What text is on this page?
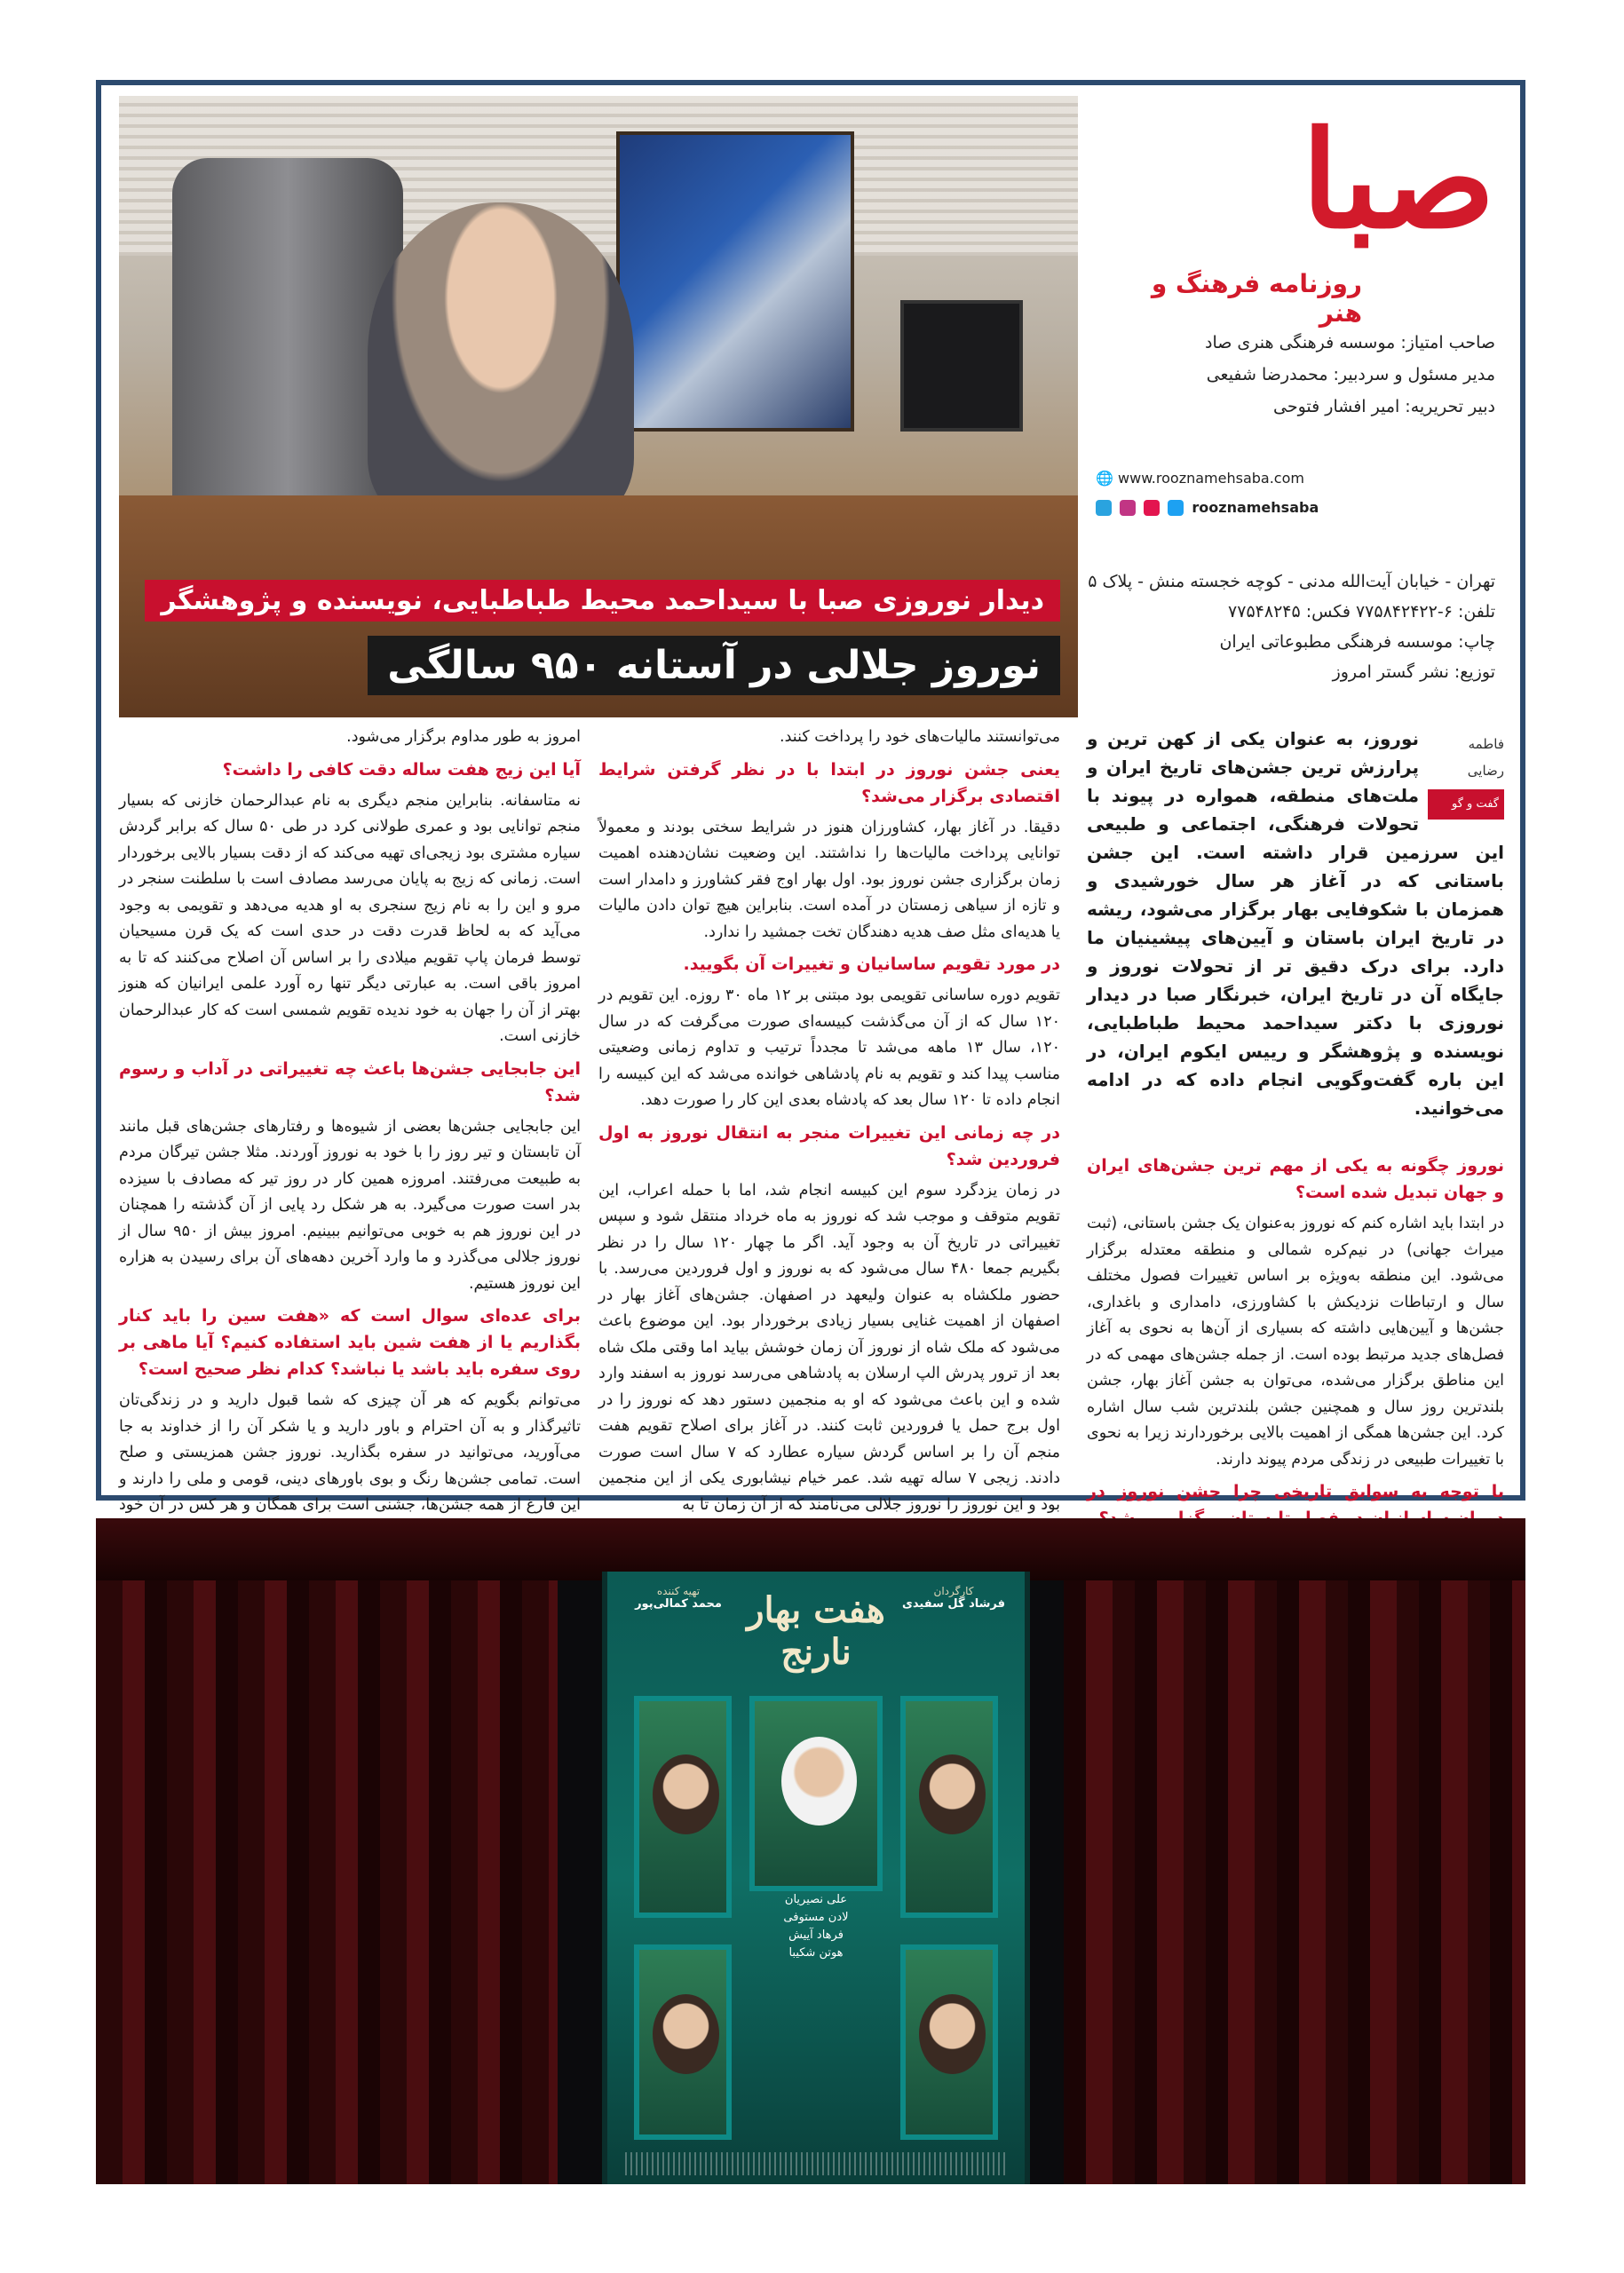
دیدار نوروزی صبا با سیداحمد محیط طباطبایی، نویسنده و پژوهشگر
نوروز جلالی در آستانه ۹۵۰ سالگی
صبا
روزنامه فرهنگ و هنر
صاحب امتیاز: موسسه فرهنگی هنری صاد
مدیر مسئول و سردبیر: محمدرضا شفیعی
دبیر تحریریه: امیر افشار فتوحی
🌐 www.rooznamehsaba.com
rooznamehsaba
تهران - خیابان آیت‌الله مدنی - کوچه خجسته منش - پلاک ۵
تلفن: ۶-۷۷۵۸۴۲۴۲۲ فکس: ۷۷۵۴۸۲۴۵
چاپ: موسسه فرهنگی مطبوعاتی ایران
توزیع: نشر گستر امروز
فاطمه رضایی
گفت و گو
نوروز، به عنوان یکی از کهن ترین و پرارزش ترین جشن‌های تاریخ ایران و ملت‌های منطقه، همواره در پیوند با تحولات فرهنگی، اجتماعی و طبیعی این سرزمین قرار داشته است. این جشن باستانی که در آغاز هر سال خورشیدی و همزمان با شکوفایی بهار برگزار می‌شود، ریشه در تاریخ ایران باستان و آیین‌های پیشینیان ما دارد. برای درک دقیق تر از تحولات نوروز و جایگاه آن در تاریخ ایران، خبرنگار صبا در دیدار نوروزی با دکتر سیداحمد محیط طباطبایی، نویسنده و پژوهشگر و رییس ایکوم ایران، در این باره گفت‌وگویی انجام داده که در ادامه می‌خوانید.
نوروز چگونه به یکی از مهم ترین جشن‌های ایران و جهان تبدیل شده است؟
در ابتدا باید اشاره کنم که نوروز به‌عنوان یک جشن باستانی، (ثبت میراث جهانی) در نیم‌کره شمالی و منطقه معتدله برگزار می‌شود. این منطقه به‌ویژه بر اساس تغییرات فصول مختلف سال و ارتباطات نزدیکش با کشاورزی، دامداری و باغداری، جشن‌ها و آیین‌هایی داشته که بسیاری از آن‌ها به نحوی به آغاز فصل‌های جدید مرتبط بوده است. از جمله جشن‌های مهمی که در این مناطق برگزار می‌شده، می‌توان به جشن آغاز بهار، جشن بلندترین روز سال و همچنین جشن بلندترین شب سال اشاره کرد. این جشن‌ها همگی از اهمیت بالایی برخوردارند زیرا به نحوی با تغییرات طبیعی در زندگی مردم پیوند دارند.
با توجه به سوابق تاریخی چرا جشن نوروز در
می‌توانستند مالیات‌های خود را پرداخت کنند.
یعنی جشن نوروز در ابتدا با در نظر گرفتن شرایط اقتصادی برگزار می‌شد؟
دقیقا. در آغاز بهار، کشاورزان هنوز در شرایط سختی بودند و معمولاً توانایی پرداخت مالیات‌ها را نداشتند. این وضعیت نشان‌دهنده اهمیت زمان برگزاری جشن نوروز بود. اول بهار اوج فقر کشاورز و دامدار است و تازه از سیاهی زمستان در آمده است. بنابراین هیچ توان دادن مالیات یا هدیه‌ای مثل صف هدیه دهندگان تخت جمشید را ندارد.
در مورد تقویم ساسانیان و تغییرات آن بگویید.
تقویم دوره ساسانی تقویمی بود مبتنی بر ۱۲ ماه ۳۰ روزه. این تقویم در ۱۲۰ سال که از آن می‌گذشت کبیسه‌ای صورت می‌گرفت که در سال ۱۲۰، سال ۱۳ ماهه می‌شد تا مجدداً ترتیب و تداوم زمانی وضعیتی مناسب پیدا کند و تقویم به نام پادشاهی خوانده می‌شد که این کبیسه را انجام داده تا ۱۲۰ سال بعد که پادشاه بعدی این کار را صورت دهد.
در چه زمانی این تغییرات منجر به انتقال نوروز به اول فروردین شد؟
در زمان یزدگرد سوم این کبیسه انجام شد، اما با حمله اعراب، این تقویم متوقف و موجب شد که نوروز به ماه خرداد منتقل شود و سپس تغییراتی در تاریخ آن به وجود آید. اگر ما چهار ۱۲۰ سال را در نظر بگیریم جمعا ۴۸۰ سال می‌شود که به نوروز و اول فروردین می‌رسد. با حضور ملکشاه به عنوان ولیعهد در اصفهان. جشن‌های آغاز بهار در اصفهان از اهمیت غنایی بسیار زیادی برخوردار بود. این موضوع باعث می‌شود که ملک شاه از نوروز آن زمان خوشش بیاید اما وقتی ملک شاه بعد از ترور پدرش الپ ارسلان به پادشاهی می‌رسد نوروز به اسفند وارد شده و این باعث می‌شود که او به منجمین دستور دهد که نوروز را در اول برج حمل یا فروردین ثابت کنند. در آغاز برای اصلاح تقویم هفت منجم آن را بر اساس گردش سیاره عطارد که ۷ سال است صورت دادند. زیجی ۷ ساله تهیه شد. عمر خیام نیشابوری یکی از این منجمین بود و این نوروز را نوروز جلالی می‌نامند که از آن زمان تا به
امروز به طور مداوم برگزار می‌شود.
آیا این زیج هفت ساله دقت کافی را داشت؟
نه متاسفانه. بنابراین منجم دیگری به نام عبدالرحمان خازنی که بسیار منجم توانایی بود و عمری طولانی کرد در طی ۵۰ سال که برابر گردش سیاره مشتری بود زیجی‌ای تهیه می‌کند که از دقت بسیار بالایی برخوردار است. زمانی که زیج به پایان می‌رسد مصادف است با سلطنت سنجر در مرو و این را به نام زیج سنجری به او هدیه می‌دهد و تقویمی به وجود می‌آید که به لحاظ قدرت دقت در حدی است که یک قرن مسیحیان توسط فرمان پاپ تقویم میلادی را بر اساس آن اصلاح می‌کنند که تا به امروز باقی است. به عبارتی دیگر تنها ره آورد علمی ایرانیان که هنوز بهتر از آن را جهان به خود ندیده تقویم شمسی است که کار عبدالرحمان خازنی است.
این جابجایی جشن‌ها باعث چه تغییراتی در آداب و رسوم شد؟
این جابجایی جشن‌ها بعضی از شیوه‌ها و رفتارهای جشن‌های قبل مانند آن تابستان و تیر روز را با خود به نوروز آوردند. مثلا جشن تیرگان مردم به طبیعت می‌رفتند. امروزه همین کار در روز تیر که مصادف با سیزده بدر است صورت می‌گیرد. به هر شکل رد پایی از آن گذشته را همچنان در این نوروز هم به خوبی می‌توانیم ببینیم. امروز بیش از ۹۵۰ سال از نوروز جلالی می‌گذرد و ما وارد آخرین دهه‌های آن برای رسیدن به هزاره این نوروز هستیم.
برای عده‌ای سوال است که «هفت سین را باید کنار بگذاریم یا از هفت شین باید استفاده کنیم؟ آیا ماهی بر روی سفره باید باشد یا نباشد؟ کدام نظر صحیح است؟
می‌توانم بگویم که هر آن چیزی که شما قبول دارید و در زندگی‌تان تاثیرگذار و به آن احترام و باور دارید و یا شکر آن را از خداوند به جا می‌آورید، می‌توانید در سفره بگذارید. نوروز جشن همزیستی و صلح است. تمامی جشن‌ها رنگ و بوی باورهای دینی، قومی و ملی را دارند و این فارغ از همه جشن‌ها، جشنی است برای همگان و هر کس در آن خود
کارگردان
فرشاد گل سفیدی
هفت بهار نارنج
تهیه کننده
محمد کمالی‌پور
علی نصیریان
لادن مستوفی
فرهاد آییش
هوتن شکیبا
